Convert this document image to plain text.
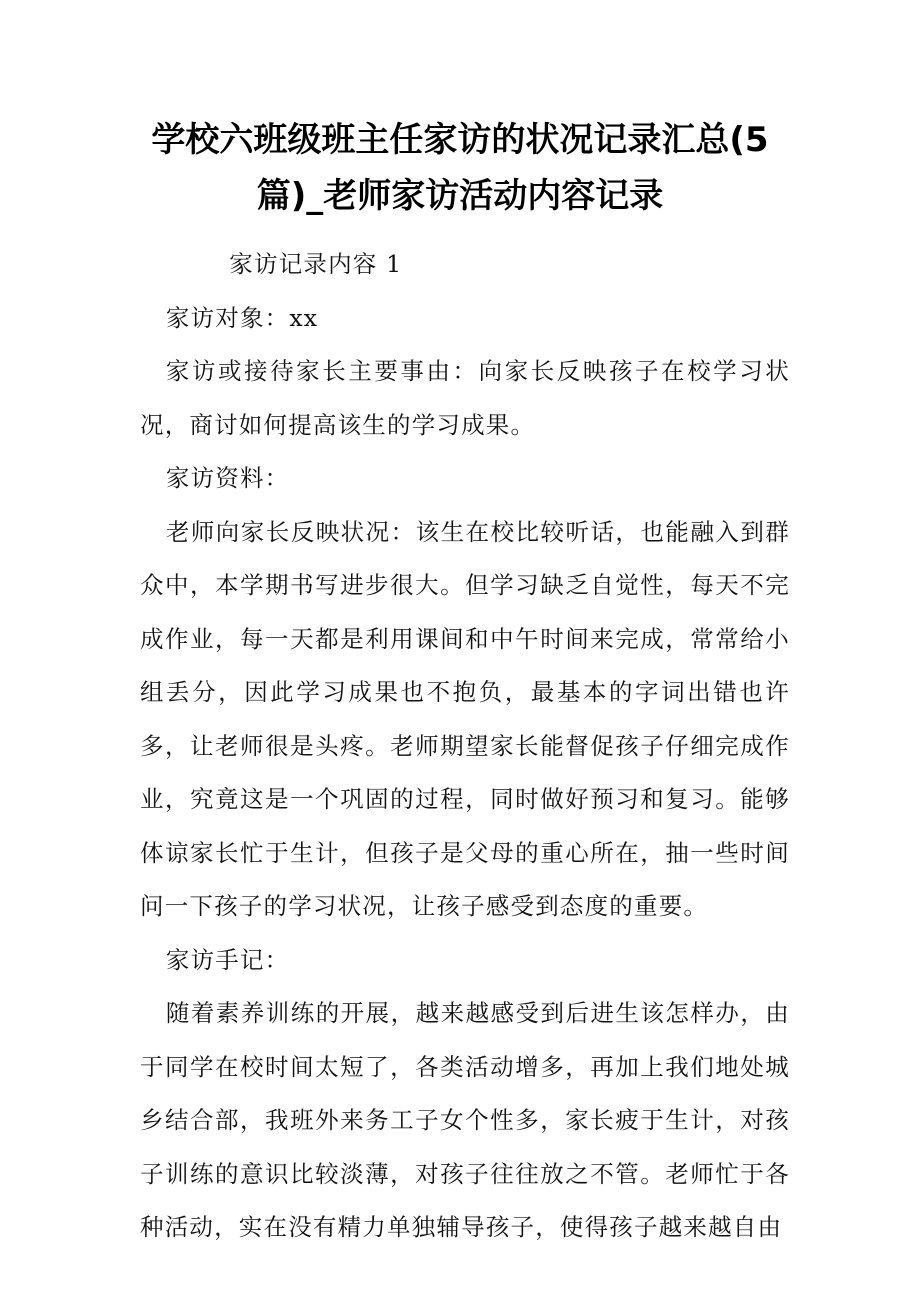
学校六班级班主任家访的状况记录汇总(5
篇)_老师家访活动内容记录

家访记录内容 1

家访对象：xx

家访或接待家长主要事由：向家长反映孩子在校学习状况，商讨如何提高该生的学习成果。

家访资料：

老师向家长反映状况：该生在校比较听话，也能融入到群众中，本学期书写进步很大。但学习缺乏自觉性，每天不完成作业，每一天都是利用课间和中午时间来完成，常常给小组丢分，因此学习成果也不抱负，最基本的字词出错也许多，让老师很是头疼。老师期望家长能督促孩子仔细完成作业，究竟这是一个巩固的过程，同时做好预习和复习。能够体谅家长忙于生计，但孩子是父母的重心所在，抽一些时间问一下孩子的学习状况，让孩子感受到态度的重要。

家访手记：

随着素养训练的开展，越来越感受到后进生该怎样办，由于同学在校时间太短了，各类活动增多，再加上我们地处城乡结合部，我班外来务工子女个性多，家长疲于生计，对孩子训练的意识比较淡薄，对孩子往往放之不管。老师忙于各种活动，实在没有精力单独辅导孩子，使得孩子越来越自由
